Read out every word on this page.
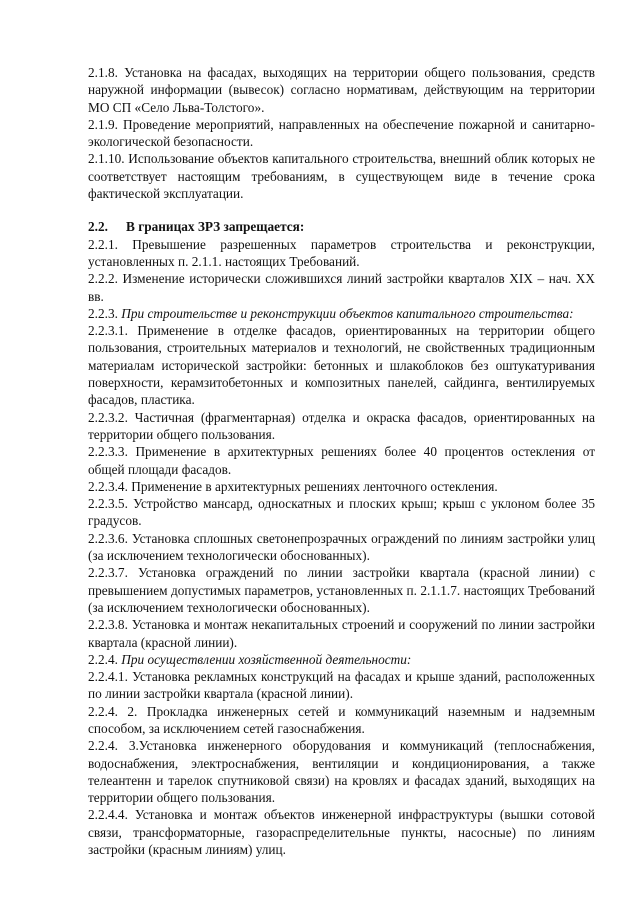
2.1.8. Установка на фасадах, выходящих на территории общего пользования, средств наружной информации (вывесок) согласно нормативам, действующим на территории МО СП «Село Льва-Толстого».

2.1.9. Проведение мероприятий, направленных на обеспечение пожарной и санитарно-экологической безопасности.

2.1.10. Использование объектов капитального строительства, внешний облик которых не соответствует настоящим требованиям, в существующем виде в течение срока фактической эксплуатации.

2.2. В границах ЗРЗ запрещается:

2.2.1. Превышение разрешенных параметров строительства и реконструкции, установленных п. 2.1.1. настоящих Требований.

2.2.2. Изменение исторически сложившихся линий застройки кварталов XIX – нач. XX вв.

2.2.3. При строительстве и реконструкции объектов капитального строительства:

2.2.3.1. Применение в отделке фасадов, ориентированных на территории общего пользования, строительных материалов и технологий, не свойственных традиционным материалам исторической застройки: бетонных и шлакоблоков без оштукатуривания поверхности, керамзитобетонных и композитных панелей, сайдинга, вентилируемых фасадов, пластика.

2.2.3.2. Частичная (фрагментарная) отделка и окраска фасадов, ориентированных на территории общего пользования.

2.2.3.3. Применение в архитектурных решениях более 40 процентов остекления от общей площади фасадов.

2.2.3.4. Применение в архитектурных решениях ленточного остекления.

2.2.3.5. Устройство мансард, односкатных и плоских крыш; крыш с уклоном более 35 градусов.

2.2.3.6. Установка сплошных светонепрозрачных ограждений по линиям застройки улиц (за исключением технологически обоснованных).

2.2.3.7. Установка ограждений по линии застройки квартала (красной линии) с превышением допустимых параметров, установленных п. 2.1.1.7. настоящих Требований (за исключением технологически обоснованных).

2.2.3.8. Установка и монтаж некапитальных строений и сооружений по линии застройки квартала (красной линии).

2.2.4. При осуществлении хозяйственной деятельности:

2.2.4.1. Установка рекламных конструкций на фасадах и крыше зданий, расположенных по линии застройки квартала (красной линии).

2.2.4. 2. Прокладка инженерных сетей и коммуникаций наземным и надземным способом, за исключением сетей газоснабжения.

2.2.4. 3.Установка инженерного оборудования и коммуникаций (теплоснабжения, водоснабжения, электроснабжения, вентиляции и кондиционирования, а также телеантенн и тарелок спутниковой связи) на кровлях и фасадах зданий, выходящих на территории общего пользования.

2.2.4.4. Установка и монтаж объектов инженерной инфраструктуры (вышки сотовой связи, трансформаторные, газораспределительные пункты, насосные) по линиям застройки (красным линиям) улиц.
